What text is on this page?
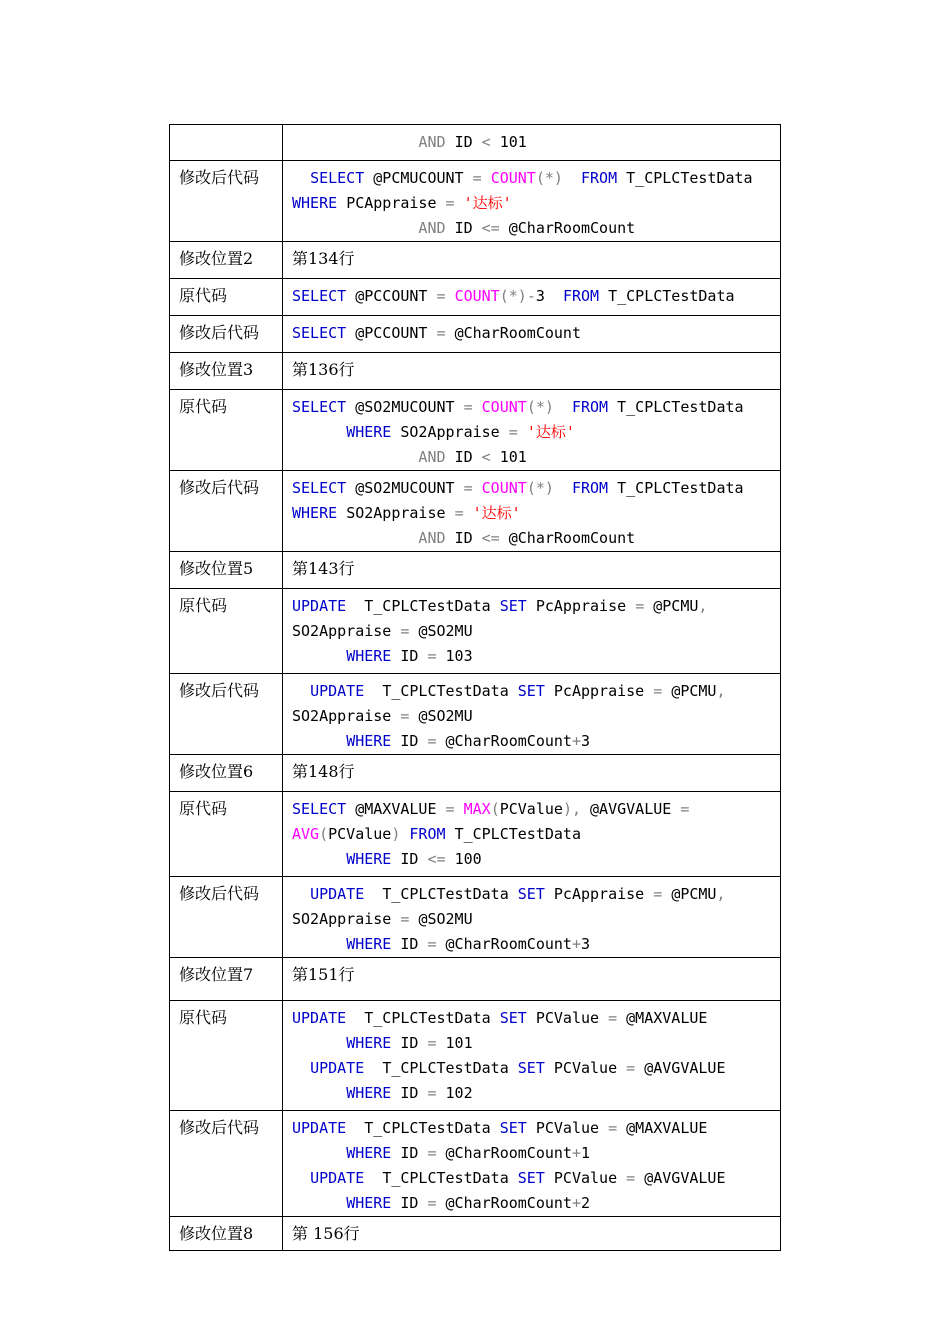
	AND ID < 101

修改后代码	SELECT @PCMUCOUNT = COUNT(*)  FROM T_CPLCTestData
WHERE PCAppraise = '达标'
AND ID <= @CharRoomCount

修改位置2	第134行
原代码	SELECT @PCCOUNT = COUNT(*)-3  FROM T_CPLCTestData

修改后代码	SELECT @PCCOUNT = @CharRoomCount

修改位置3	第136行
原代码	SELECT @SO2MUCOUNT = COUNT(*)  FROM T_CPLCTestData
WHERE SO2Appraise = '达标'
AND ID < 101

修改后代码	SELECT @SO2MUCOUNT = COUNT(*)  FROM T_CPLCTestData
WHERE SO2Appraise = '达标'
AND ID <= @CharRoomCount

修改位置5	第143行
原代码	UPDATE  T_CPLCTestData SET PcAppraise = @PCMU,
SO2Appraise = @SO2MU
WHERE ID = 103

修改后代码	UPDATE  T_CPLCTestData SET PcAppraise = @PCMU,
SO2Appraise = @SO2MU
WHERE ID = @CharRoomCount+3

修改位置6	第148行
原代码	SELECT @MAXVALUE = MAX(PCValue), @AVGVALUE =
AVG(PCValue) FROM T_CPLCTestData
WHERE ID <= 100

修改后代码	UPDATE  T_CPLCTestData SET PcAppraise = @PCMU,
SO2Appraise = @SO2MU
WHERE ID = @CharRoomCount+3

修改位置7	第151行
原代码	UPDATE  T_CPLCTestData SET PCValue = @MAXVALUE
WHERE ID = 101
UPDATE  T_CPLCTestData SET PCValue = @AVGVALUE
WHERE ID = 102

修改后代码	UPDATE  T_CPLCTestData SET PCValue = @MAXVALUE
WHERE ID = @CharRoomCount+1
UPDATE  T_CPLCTestData SET PCValue = @AVGVALUE
WHERE ID = @CharRoomCount+2

修改位置8	第 156行
